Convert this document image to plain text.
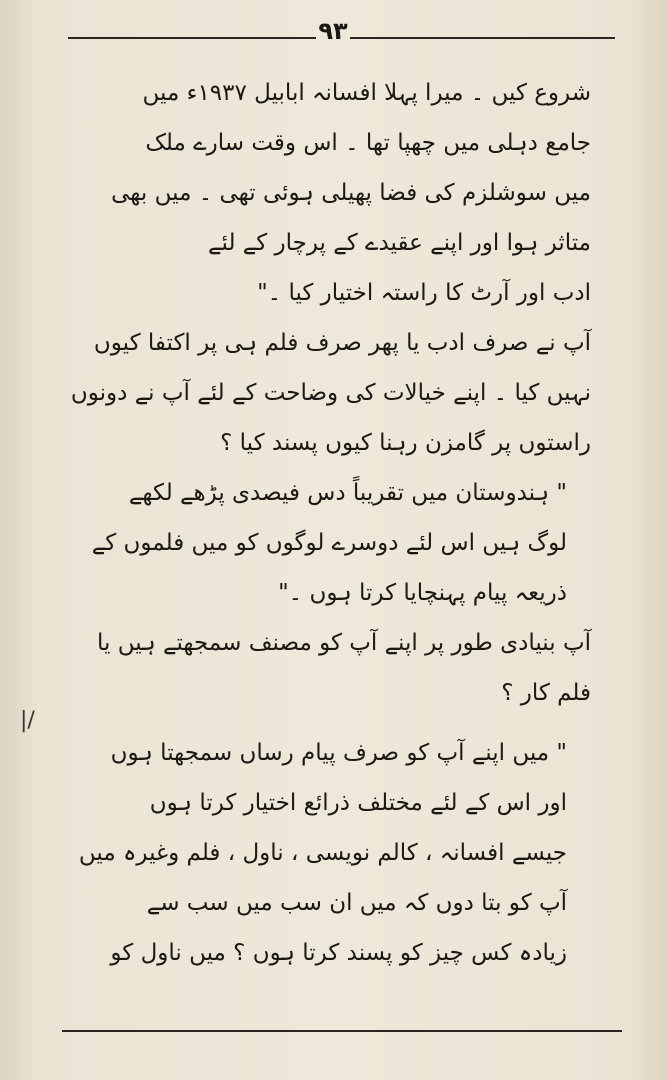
۹۳
|/
شروع کیں ۔ میرا پہلا افسانہ ابابیل ۱۹۳۷ء میں
جامع دہلی میں چھپا تھا ۔ اس وقت سارے ملک
میں سوشلزم کی فضا پھیلی ہوئی تھی ۔ میں بھی
متاثر ہوا اور اپنے عقیدے کے پرچار کے لئے
ادب اور آرٹ کا راستہ اختیار کیا ۔"
آپ نے صرف ادب یا پھر صرف فلم ہی پر اکتفا کیوں
نہیں کیا ۔ اپنے خیالات کی وضاحت کے لئے آپ نے دونوں
راستوں پر گامزن رہنا کیوں پسند کیا ؟
" ہندوستان میں تقریباً دس فیصدی پڑھے لکھے
لوگ ہیں اس لئے دوسرے لوگوں کو میں فلموں کے
ذریعہ پیام پہنچایا کرتا ہوں ۔"
آپ بنیادی طور پر اپنے آپ کو مصنف سمجھتے ہیں یا
فلم کار ؟
" میں اپنے آپ کو صرف پیام رساں سمجھتا ہوں
اور اس کے لئے مختلف ذرائع اختیار کرتا ہوں
جیسے افسانہ ، کالم نویسی ، ناول ، فلم وغیرہ میں
آپ کو بتا دوں کہ میں ان سب میں سب سے
زیادہ کس چیز کو پسند کرتا ہوں ؟ میں ناول کو
